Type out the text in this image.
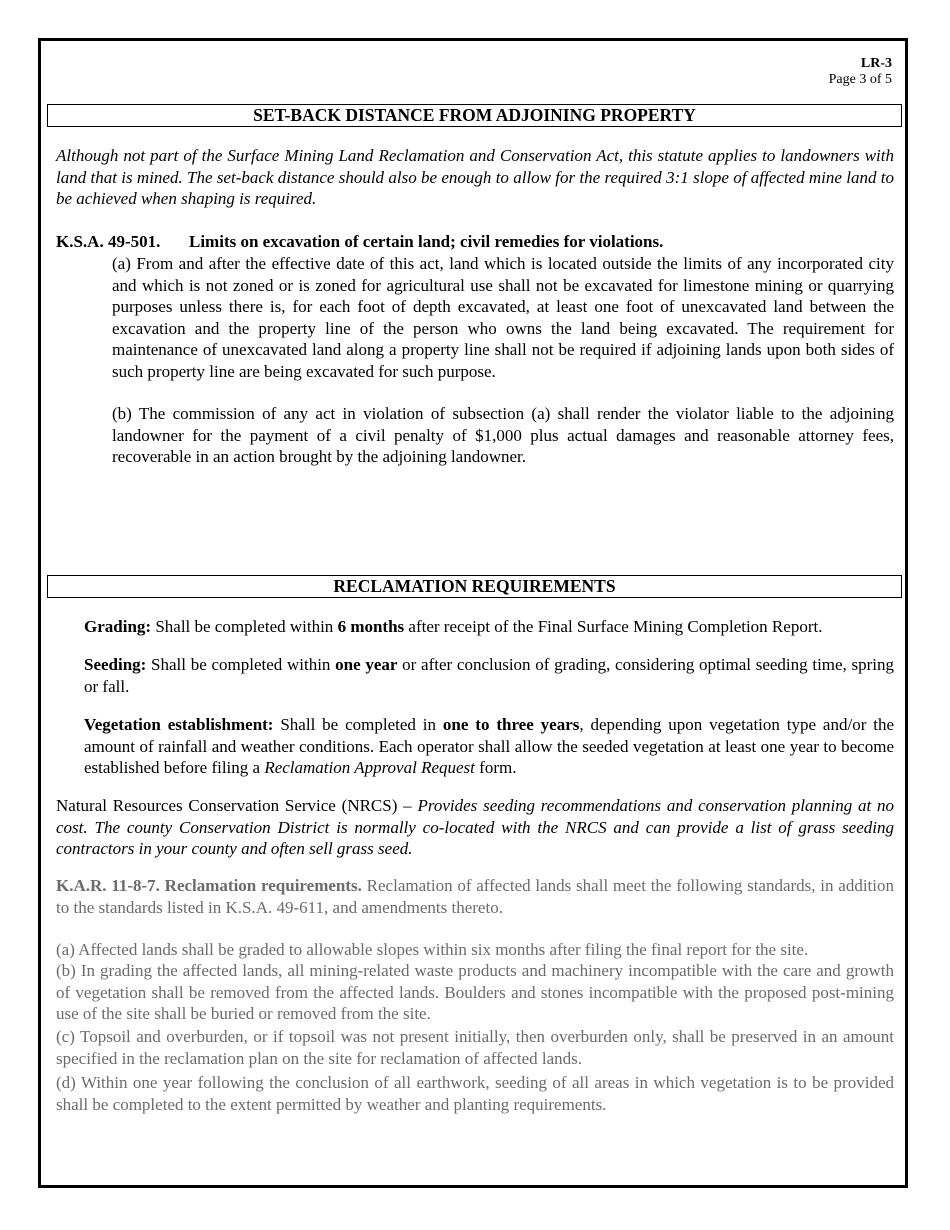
LR-3
Page 3 of 5
SET-BACK DISTANCE FROM ADJOINING PROPERTY
Although not part of the Surface Mining Land Reclamation and Conservation Act, this statute applies to landowners with land that is mined. The set-back distance should also be enough to allow for the required 3:1 slope of affected mine land to be achieved when shaping is required.
K.S.A. 49-501. Limits on excavation of certain land; civil remedies for violations.
(a) From and after the effective date of this act, land which is located outside the limits of any incorporated city and which is not zoned or is zoned for agricultural use shall not be excavated for limestone mining or quarrying purposes unless there is, for each foot of depth excavated, at least one foot of unexcavated land between the excavation and the property line of the person who owns the land being excavated. The requirement for maintenance of unexcavated land along a property line shall not be required if adjoining lands upon both sides of such property line are being excavated for such purpose.
(b) The commission of any act in violation of subsection (a) shall render the violator liable to the adjoining landowner for the payment of a civil penalty of $1,000 plus actual damages and reasonable attorney fees, recoverable in an action brought by the adjoining landowner.
RECLAMATION REQUIREMENTS
Grading: Shall be completed within 6 months after receipt of the Final Surface Mining Completion Report.
Seeding: Shall be completed within one year or after conclusion of grading, considering optimal seeding time, spring or fall.
Vegetation establishment: Shall be completed in one to three years, depending upon vegetation type and/or the amount of rainfall and weather conditions. Each operator shall allow the seeded vegetation at least one year to become established before filing a Reclamation Approval Request form.
Natural Resources Conservation Service (NRCS) – Provides seeding recommendations and conservation planning at no cost. The county Conservation District is normally co-located with the NRCS and can provide a list of grass seeding contractors in your county and often sell grass seed.
K.A.R. 11-8-7. Reclamation requirements. Reclamation of affected lands shall meet the following standards, in addition to the standards listed in K.S.A. 49-611, and amendments thereto.
(a) Affected lands shall be graded to allowable slopes within six months after filing the final report for the site.
(b) In grading the affected lands, all mining-related waste products and machinery incompatible with the care and growth of vegetation shall be removed from the affected lands. Boulders and stones incompatible with the proposed post-mining use of the site shall be buried or removed from the site.
(c) Topsoil and overburden, or if topsoil was not present initially, then overburden only, shall be preserved in an amount specified in the reclamation plan on the site for reclamation of affected lands.
(d) Within one year following the conclusion of all earthwork, seeding of all areas in which vegetation is to be provided shall be completed to the extent permitted by weather and planting requirements.
